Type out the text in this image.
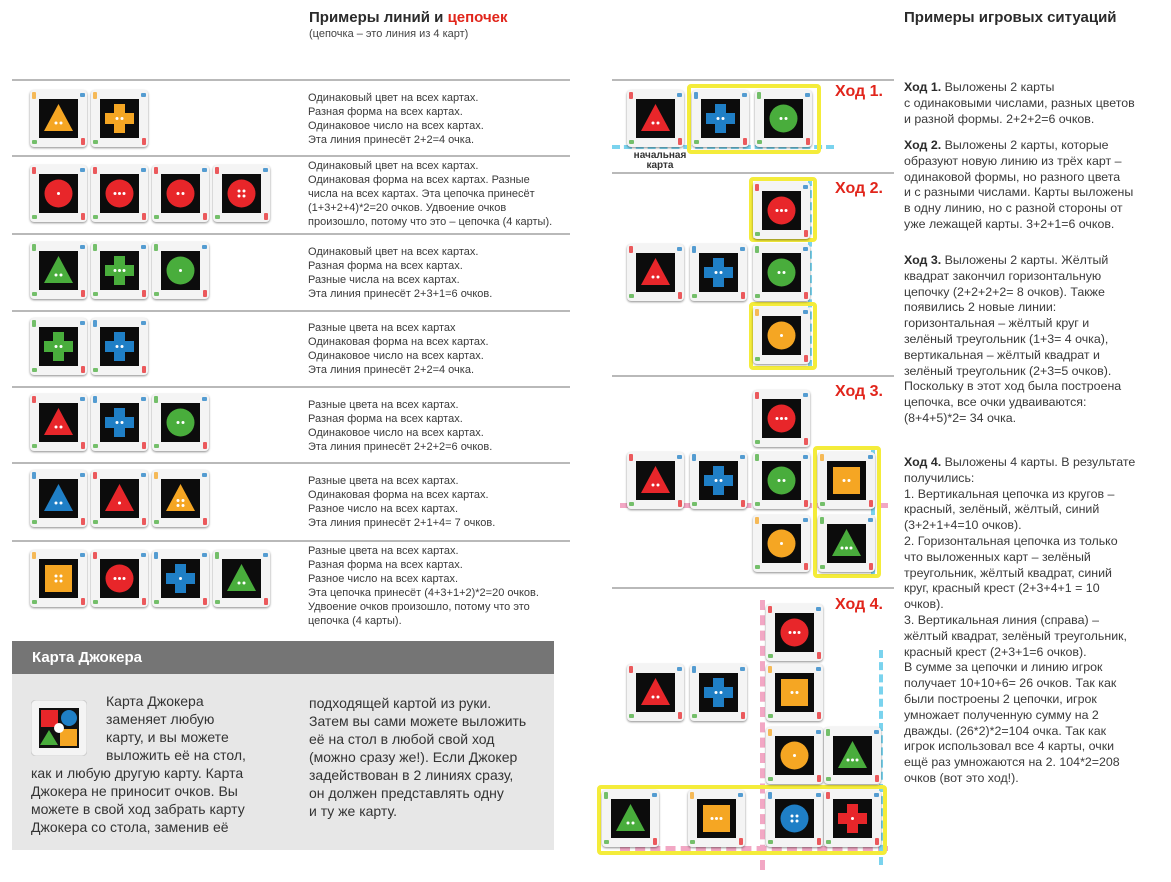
Примеры линий и цепочек
(цепочка – это линия из 4 карт)
Одинаковый цвет на всех картах.
Разная форма на всех картах.
Одинаковое число на всех картах.
Эта линия принесёт 2+2=4 очка.
Одинаковый цвет на всех картах.
Одинаковая форма на всех картах. Разные
числа на всех картах. Эта цепочка принесёт
(1+3+2+4)*2=20 очков. Удвоение очков
произошло, потому что это – цепочка (4 карты).
Одинаковый цвет на всех картах.
Разная форма на всех картах.
Разные числа на всех картах.
Эта линия принесёт 2+3+1=6 очков.
Разные цвета на всех картах
Одинаковая форма на всех картах.
Одинаковое число на всех картах.
Эта линия принесёт 2+2=4 очка.
Разные цвета на всех картах.
Разная форма на всех картах.
Одинаковое число на всех картах.
Эта линия принесёт 2+2+2=6 очков.
Разные цвета на всех картах.
Одинаковая форма на всех картах.
Разное число на всех картах.
Эта линия принесёт 2+1+4= 7 очков.
Разные цвета на всех картах.
Разная форма на всех картах.
Разное число на всех картах.
Эта цепочка принесёт (4+3+1+2)*2=20 очков.
Удвоение очков произошло, потому что это
цепочка (4 карты).
Карта Джокера
Карта Джокера
заменяет любую
карту, и вы можете
выложить её на стол,
как и любую другую карту. Карта
Джокера не приносит очков. Вы
можете в свой ход забрать карту
Джокера со стола, заменив её
подходящей картой из руки.
Затем вы сами можете выложить
её на стол в любой свой ход
(можно сразу же!). Если Джокер
задействован в 2 линиях сразу,
он должен представлять одну
и ту же карту.
Ход 1.
Ход 2.
Ход 3.
Ход 4.
начальная
карта
Примеры игровых ситуаций
Ход 1. Выложены 2 карты
с одинаковыми числами, разных цветов
и разной формы. 2+2+2=6 очков.
Ход 2. Выложены 2 карты, которые
образуют новую линию из трёх карт –
одинаковой формы, но разного цвета
и с разными числами. Карты выложены
в одну линию, но с разной стороны от
уже лежащей карты. 3+2+1=6 очков.
Ход 3. Выложены 2 карты. Жёлтый
квадрат закончил горизонтальную
цепочку (2+2+2+2= 8 очков). Также
появились 2 новые линии:
горизонтальная – жёлтый круг и
зелёный треугольник (1+3= 4 очка),
вертикальная – жёлтый квадрат и
зелёный треугольник (2+3=5 очков).
Поскольку в этот ход была построена
цепочка, все очки удваиваются:
(8+4+5)*2= 34 очка.
Ход 4. Выложены 4 карты. В результате
получились:
1. Вертикальная цепочка из кругов –
красный, зелёный, жёлтый, синий
(3+2+1+4=10 очков).
2. Горизонтальная цепочка из только
что выложенных карт – зелёный
треугольник, жёлтый квадрат, синий
круг, красный крест (2+3+4+1 = 10
очков).
3. Вертикальная линия (справа) –
жёлтый квадрат, зелёный треугольник,
красный крест (2+3+1=6 очков).
В сумме за цепочки и линию игрок
получает 10+10+6= 26 очков. Так как
были построены 2 цепочки, игрок
умножает полученную сумму на 2
дважды. (26*2)*2=104 очка. Так как
игрок использовал все 4 карты, очки
ещё раз умножаются на 2. 104*2=208
очков (вот это ход!).
